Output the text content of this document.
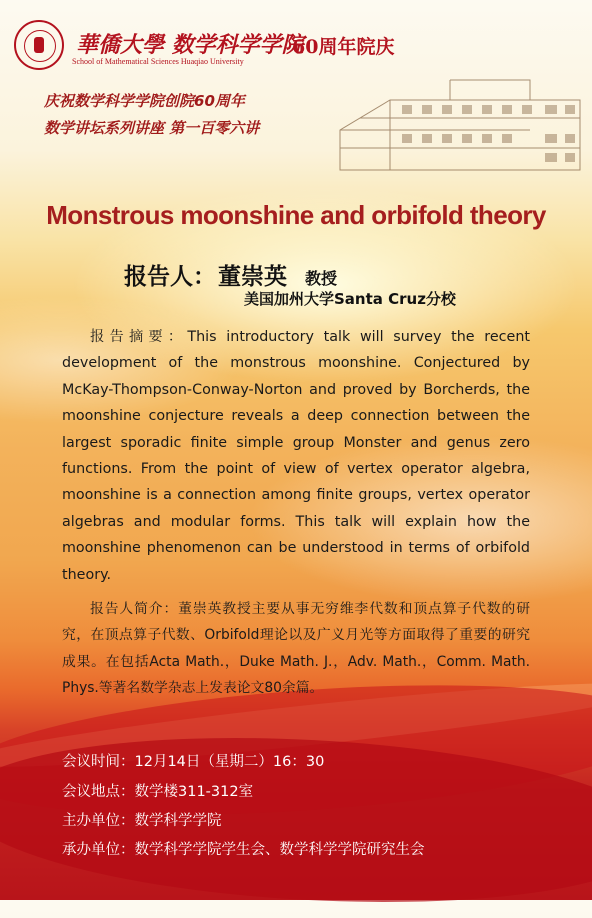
華僑大學 数学科学学院
School of Mathematical Sciences Huaqiao University
60周年院庆
庆祝数学科学学院创院60周年
数学讲坛系列讲座 第一百零六讲
Monstrous moonshine and orbifold theory
报告人：董崇英 教授
美国加州大学Santa Cruz分校
报告摘要：This introductory talk will survey the recent development of the monstrous moonshine. Conjectured by McKay-Thompson-Conway-Norton and proved by Borcherds, the moonshine conjecture reveals a deep connection between the largest sporadic finite simple group Monster and genus zero functions. From the point of view of vertex operator algebra, moonshine is a connection among finite groups, vertex operator algebras and modular forms. This talk will explain how the moonshine phenomenon can be understood in terms of orbifold theory.
报告人简介：董崇英教授主要从事无穷维李代数和顶点算子代数的研究，在顶点算子代数、Orbifold理论以及广义月光等方面取得了重要的研究成果。在包括Acta Math.，Duke Math. J.，Adv. Math.，Comm. Math. Phys.等著名数学杂志上发表论文80余篇。
会议时间：12月14日（星期二）16：30
会议地点：数学楼311-312室
主办单位：数学科学学院
承办单位：数学科学学院学生会、数学科学学院研究生会
